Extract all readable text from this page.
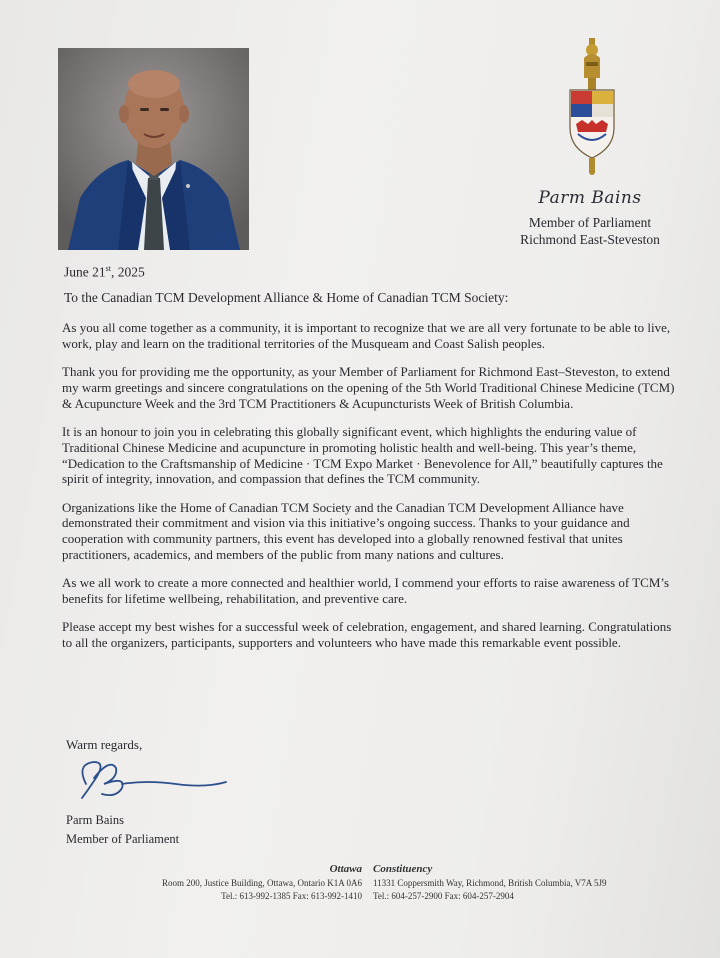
Parm Bains
Member of Parliament
Richmond East-Steveston
June 21st, 2025
To the Canadian TCM Development Alliance & Home of Canadian TCM Society:

As you all come together as a community, it is important to recognize that we are all very fortunate to be able to live, work, play and learn on the traditional territories of the Musqueam and Coast Salish peoples.

Thank you for providing me the opportunity, as your Member of Parliament for Richmond East–Steveston, to extend my warm greetings and sincere congratulations on the opening of the 5th World Traditional Chinese Medicine (TCM) & Acupuncture Week and the 3rd TCM Practitioners & Acupuncturists Week of British Columbia.

It is an honour to join you in celebrating this globally significant event, which highlights the enduring value of Traditional Chinese Medicine and acupuncture in promoting holistic health and well-being. This year’s theme, “Dedication to the Craftsmanship of Medicine · TCM Expo Market · Benevolence for All,” beautifully captures the spirit of integrity, innovation, and compassion that defines the TCM community.

Organizations like the Home of Canadian TCM Society and the Canadian TCM Development Alliance have demonstrated their commitment and vision via this initiative’s ongoing success. Thanks to your guidance and cooperation with community partners, this event has developed into a globally renowned festival that unites practitioners, academics, and members of the public from many nations and cultures.

As we all work to create a more connected and healthier world, I commend your efforts to raise awareness of TCM’s benefits for lifetime wellbeing, rehabilitation, and preventive care.

Please accept my best wishes for a successful week of celebration, engagement, and shared learning. Congratulations to all the organizers, participants, supporters and volunteers who have made this remarkable event possible.

Warm regards,
Parm Bains
Member of Parliament
Ottawa
Room 200, Justice Building, Ottawa, Ontario K1A 0A6
Tel.: 613-992-1385 Fax: 613-992-1410
Constituency
11331 Coppersmith Way, Richmond, British Columbia, V7A 5J9
Tel.: 604-257-2900 Fax: 604-257-2904
